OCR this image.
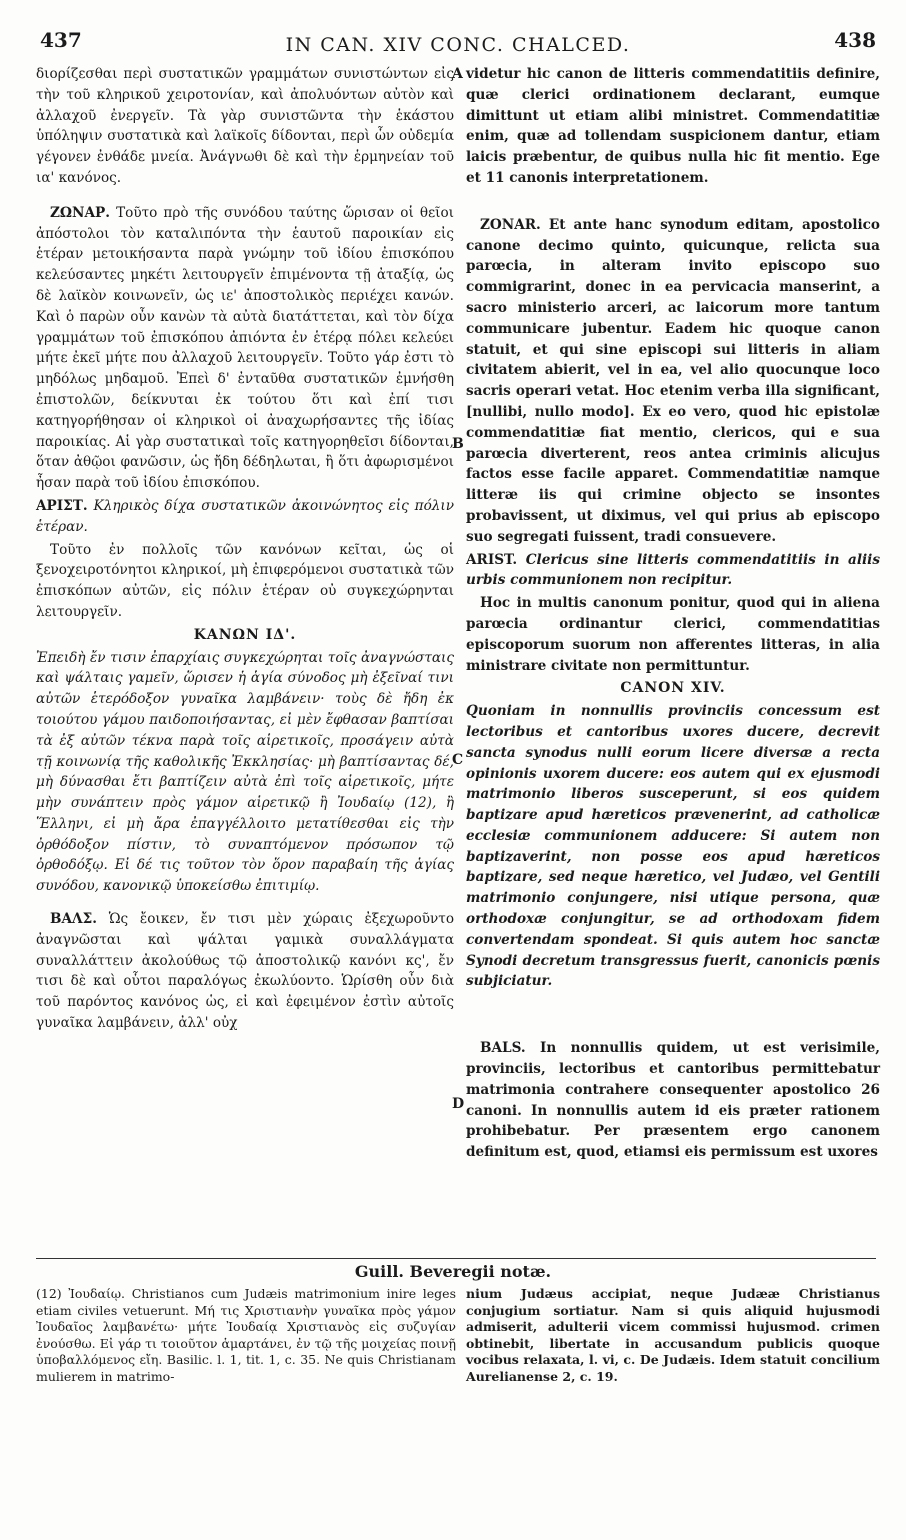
437	IN CAN. XIV CONC. CHALCED.	438
A
B
C
D

διορίζεσθαι περὶ συστατικῶν γραμμάτων συνιστώντων εἰς τὴν τοῦ κληρικοῦ χειροτονίαν, καὶ ἀπολυόντων αὐτὸν καὶ ἀλλαχοῦ ἐνεργεῖν. Τὰ γὰρ συνιστῶντα τὴν ἑκάστου ὑπόληψιν συστατικὰ καὶ λαϊκοῖς δίδονται, περὶ ὧν οὐδεμία γέγονεν ἐνθάδε μνεία. Ἀνάγνωθι δὲ καὶ τὴν ἑρμηνείαν τοῦ ια' κανόνος.

ΖΩΝΑΡ. Τοῦτο πρὸ τῆς συνόδου ταύτης ὥρισαν οἱ θεῖοι ἀπόστολοι τὸν καταλιπόντα τὴν ἑαυτοῦ παροικίαν εἰς ἑτέραν μετοικήσαντα παρὰ γνώμην τοῦ ἰδίου ἐπισκόπου κελεύσαντες μηκέτι λειτουργεῖν ἐπιμένοντα τῇ ἀταξίᾳ, ὡς δὲ λαϊκὸν κοινωνεῖν, ὡς ιε' ἀποστολικὸς περιέχει κανών. Καὶ ὁ παρὼν οὖν κανὼν τὰ αὐτὰ διατάττεται, καὶ τὸν δίχα γραμμάτων τοῦ ἐπισκόπου ἀπιόντα ἐν ἑτέρᾳ πόλει κελεύει μήτε ἐκεῖ μήτε που ἀλλαχοῦ λειτουργεῖν. Τοῦτο γάρ ἐστι τὸ μηδόλως μηδαμοῦ. Ἐπεὶ δ' ἐνταῦθα συστατικῶν ἐμνήσθη ἐπιστολῶν, δείκνυται ἐκ τούτου ὅτι καὶ ἐπί τισι κατηγορήθησαν οἱ κληρικοὶ οἱ ἀναχωρήσαντες τῆς ἰδίας παροικίας. Αἱ γὰρ συστατικαὶ τοῖς κατηγορηθεῖσι δίδονται, ὅταν ἀθῷοι φανῶσιν, ὡς ἤδη δέδηλωται, ἢ ὅτι ἀφωρισμένοι ἦσαν παρὰ τοῦ ἰδίου ἐπισκόπου.

ΑΡΙΣΤ. Κληρικὸς δίχα συστατικῶν ἀκοινώνητος εἰς πόλιν ἑτέραν.

Τοῦτο ἐν πολλοῖς τῶν κανόνων κεῖται, ὡς οἱ ξενοχειροτόνητοι κληρικοί, μὴ ἐπιφερόμενοι συστατικὰ τῶν ἐπισκόπων αὐτῶν, εἰς πόλιν ἑτέραν οὐ συγκεχώρηνται λειτουργεῖν.

ΚΑΝΩΝ ΙΔ'.

Ἐπειδὴ ἔν τισιν ἐπαρχίαις συγκεχώρηται τοῖς ἀναγνώσταις καὶ ψάλταις γαμεῖν, ὥρισεν ἡ ἁγία σύνοδος μὴ ἐξεῖναί τινι αὐτῶν ἑτερόδοξον γυναῖκα λαμβάνειν· τοὺς δὲ ἤδη ἐκ τοιούτου γάμου παιδοποιήσαντας, εἰ μὲν ἔφθασαν βαπτίσαι τὰ ἐξ αὐτῶν τέκνα παρὰ τοῖς αἱρετικοῖς, προσάγειν αὐτὰ τῇ κοινωνίᾳ τῆς καθολικῆς Ἐκκλησίας· μὴ βαπτίσαντας δέ, μὴ δύνασθαι ἔτι βαπτίζειν αὐτὰ ἐπὶ τοῖς αἱρετικοῖς, μήτε μὴν συνάπτειν πρὸς γάμον αἱρετικῷ ἢ Ἰουδαίῳ (12), ἢ Ἕλληνι, εἰ μὴ ἄρα ἐπαγγέλλοιτο μετατίθεσθαι εἰς τὴν ὀρθόδοξον πίστιν, τὸ συναπτόμενον πρόσωπον τῷ ὀρθοδόξῳ. Εἰ δέ τις τοῦτον τὸν ὅρον παραβαίη τῆς ἁγίας συνόδου, κανονικῷ ὑποκείσθω ἐπιτιμίῳ.

ΒΑΛΣ. Ὡς ἔοικεν, ἔν τισι μὲν χώραις ἐξεχωροῦντο ἀναγνῶσται καὶ ψάλται γαμικὰ συναλλάγματα συναλλάττειν ἀκολούθως τῷ ἀποστολικῷ κανόνι κς', ἔν τισι δὲ καὶ οὗτοι παραλόγως ἐκωλύοντο. Ὡρίσθη οὖν διὰ τοῦ παρόντος κανόνος ὡς, εἰ καὶ ἐφειμένον ἐστὶν αὐτοῖς γυναῖκα λαμβάνειν, ἀλλ' οὐχ

videtur hic canon de litteris commendatitiis definire, quæ clerici ordinationem declarant, eumque dimittunt ut etiam alibi ministret. Commendatitiæ enim, quæ ad tollendam suspicionem dantur, etiam laicis præbentur, de quibus nulla hic fit mentio. Ege et 11 canonis interpretationem.

ZONAR. Et ante hanc synodum editam, apostolico canone decimo quinto, quicunque, relicta sua parœcia, in alteram invito episcopo suo commigrarint, donec in ea pervicacia manserint, a sacro ministerio arceri, ac laicorum more tantum communicare jubentur. Eadem hic quoque canon statuit, et qui sine episcopi sui litteris in aliam civitatem abierit, vel in ea, vel alio quocunque loco sacris operari vetat. Hoc etenim verba illa significant, [nullibi, nullo modo]. Ex eo vero, quod hic epistolæ commendatitiæ fiat mentio, clericos, qui e sua parœcia diverterent, reos antea criminis alicujus factos esse facile apparet. Commendatitiæ namque litteræ iis qui crimine objecto se insontes probavissent, ut diximus, vel qui prius ab episcopo suo segregati fuissent, tradi consuevere.

ARIST. Clericus sine litteris commendatitiis in aliis urbis communionem non recipitur.

Hoc in multis canonum ponitur, quod qui in aliena parœcia ordinantur clerici, commendatitias episcoporum suorum non afferentes litteras, in alia ministrare civitate non permittuntur.

CANON XIV.

Quoniam in nonnullis provinciis concessum est lectoribus et cantoribus uxores ducere, decrevit sancta synodus nulli eorum licere diversæ a recta opinionis uxorem ducere: eos autem qui ex ejusmodi matrimonio liberos susceperunt, si eos quidem baptizare apud hæreticos prævenerint, ad catholicæ ecclesiæ communionem adducere: Si autem non baptizaverint, non posse eos apud hæreticos baptizare, sed neque hæretico, vel Judæo, vel Gentili matrimonio conjungere, nisi utique persona, quæ orthodoxæ conjungitur, se ad orthodoxam fidem convertendam spondeat. Si quis autem hoc sanctæ Synodi decretum transgressus fuerit, canonicis pœnis subjiciatur.

BALS. In nonnullis quidem, ut est verisimile, provinciis, lectoribus et cantoribus permittebatur matrimonia contrahere consequenter apostolico 26 canoni. In nonnullis autem id eis præter rationem prohibebatur. Per præsentem ergo canonem definitum est, quod, etiamsi eis permissum est uxores

Guill. Beveregii notæ.
(12) Ἰουδαίῳ. Christianos cum Judæis matrimonium inire leges etiam civiles vetuerunt. Μή τις Χριστιανὴν γυναῖκα πρὸς γάμον Ἰουδαῖος λαμβανέτω· μήτε Ἰουδαίᾳ Χριστιανὸς εἰς συζυγίαν ἐνούσθω. Εἰ γάρ τι τοιοῦτον ἁμαρτάνει, ἐν τῷ τῆς μοιχείας ποινῇ ὑποβαλλόμενος εἴη. Basilic. l. 1, tit. 1, c. 35. Ne quis Christianam mulierem in matrimo-
nium Judæus accipiat, neque Judææ Christianus conjugium sortiatur. Nam si quis aliquid hujusmodi admiserit, adulterii vicem commissi hujusmod. crimen obtinebit, libertate in accusandum publicis quoque vocibus relaxata, l. vi, c. De Judæis. Idem statuit concilium Aurelianense 2, c. 19.
